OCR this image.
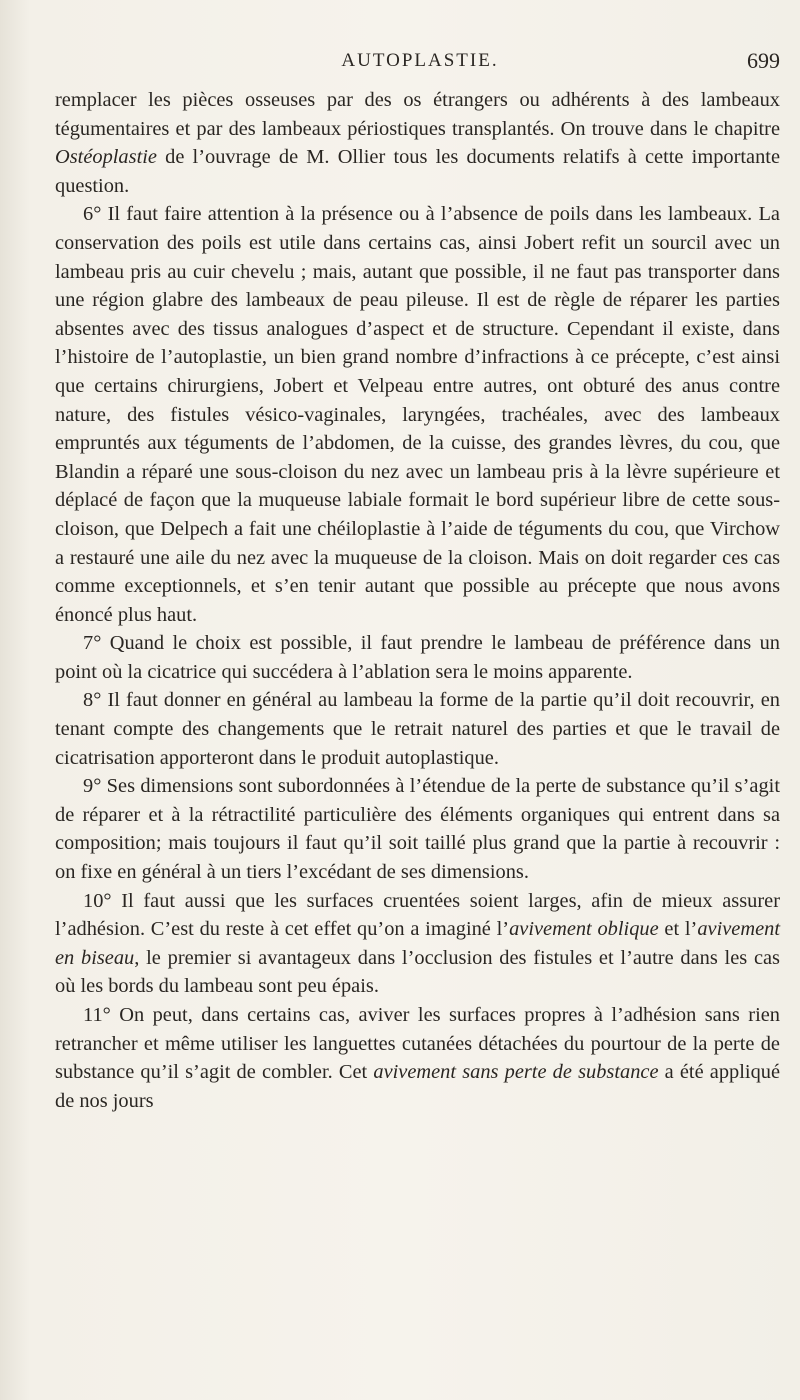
AUTOPLASTIE.	699

remplacer les pièces osseuses par des os étrangers ou adhérents à des lambeaux tégumentaires et par des lambeaux périostiques transplantés. On trouve dans le chapitre Ostéoplastie de l’ouvrage de M. Ollier tous les documents relatifs à cette importante question.

6° Il faut faire attention à la présence ou à l’absence de poils dans les lambeaux. La conservation des poils est utile dans certains cas, ainsi Jobert refit un sourcil avec un lambeau pris au cuir chevelu ; mais, autant que possible, il ne faut pas transporter dans une région glabre des lambeaux de peau pileuse. Il est de règle de réparer les parties absentes avec des tissus analogues d’aspect et de structure. Cependant il existe, dans l’histoire de l’autoplastie, un bien grand nombre d’infractions à ce précepte, c’est ainsi que certains chirurgiens, Jobert et Velpeau entre autres, ont obturé des anus contre nature, des fistules vésico-vaginales, laryngées, trachéales, avec des lambeaux empruntés aux téguments de l’abdomen, de la cuisse, des grandes lèvres, du cou, que Blandin a réparé une sous-cloison du nez avec un lambeau pris à la lèvre supérieure et déplacé de façon que la muqueuse labiale formait le bord supérieur libre de cette sous-cloison, que Delpech a fait une chéiloplastie à l’aide de téguments du cou, que Virchow a restauré une aile du nez avec la muqueuse de la cloison. Mais on doit regarder ces cas comme exceptionnels, et s’en tenir autant que possible au précepte que nous avons énoncé plus haut.

7° Quand le choix est possible, il faut prendre le lambeau de préférence dans un point où la cicatrice qui succédera à l’ablation sera le moins apparente.

8° Il faut donner en général au lambeau la forme de la partie qu’il doit recouvrir, en tenant compte des changements que le retrait naturel des parties et que le travail de cicatrisation apporteront dans le produit autoplastique.

9° Ses dimensions sont subordonnées à l’étendue de la perte de substance qu’il s’agit de réparer et à la rétractilité particulière des éléments organiques qui entrent dans sa composition; mais toujours il faut qu’il soit taillé plus grand que la partie à recouvrir : on fixe en général à un tiers l’excédant de ses dimensions.

10° Il faut aussi que les surfaces cruentées soient larges, afin de mieux assurer l’adhésion. C’est du reste à cet effet qu’on a imaginé l’avivement oblique et l’avivement en biseau, le premier si avantageux dans l’occlusion des fistules et l’autre dans les cas où les bords du lambeau sont peu épais.

11° On peut, dans certains cas, aviver les surfaces propres à l’adhésion sans rien retrancher et même utiliser les languettes cutanées détachées du pourtour de la perte de substance qu’il s’agit de combler. Cet avivement sans perte de substance a été appliqué de nos jours
